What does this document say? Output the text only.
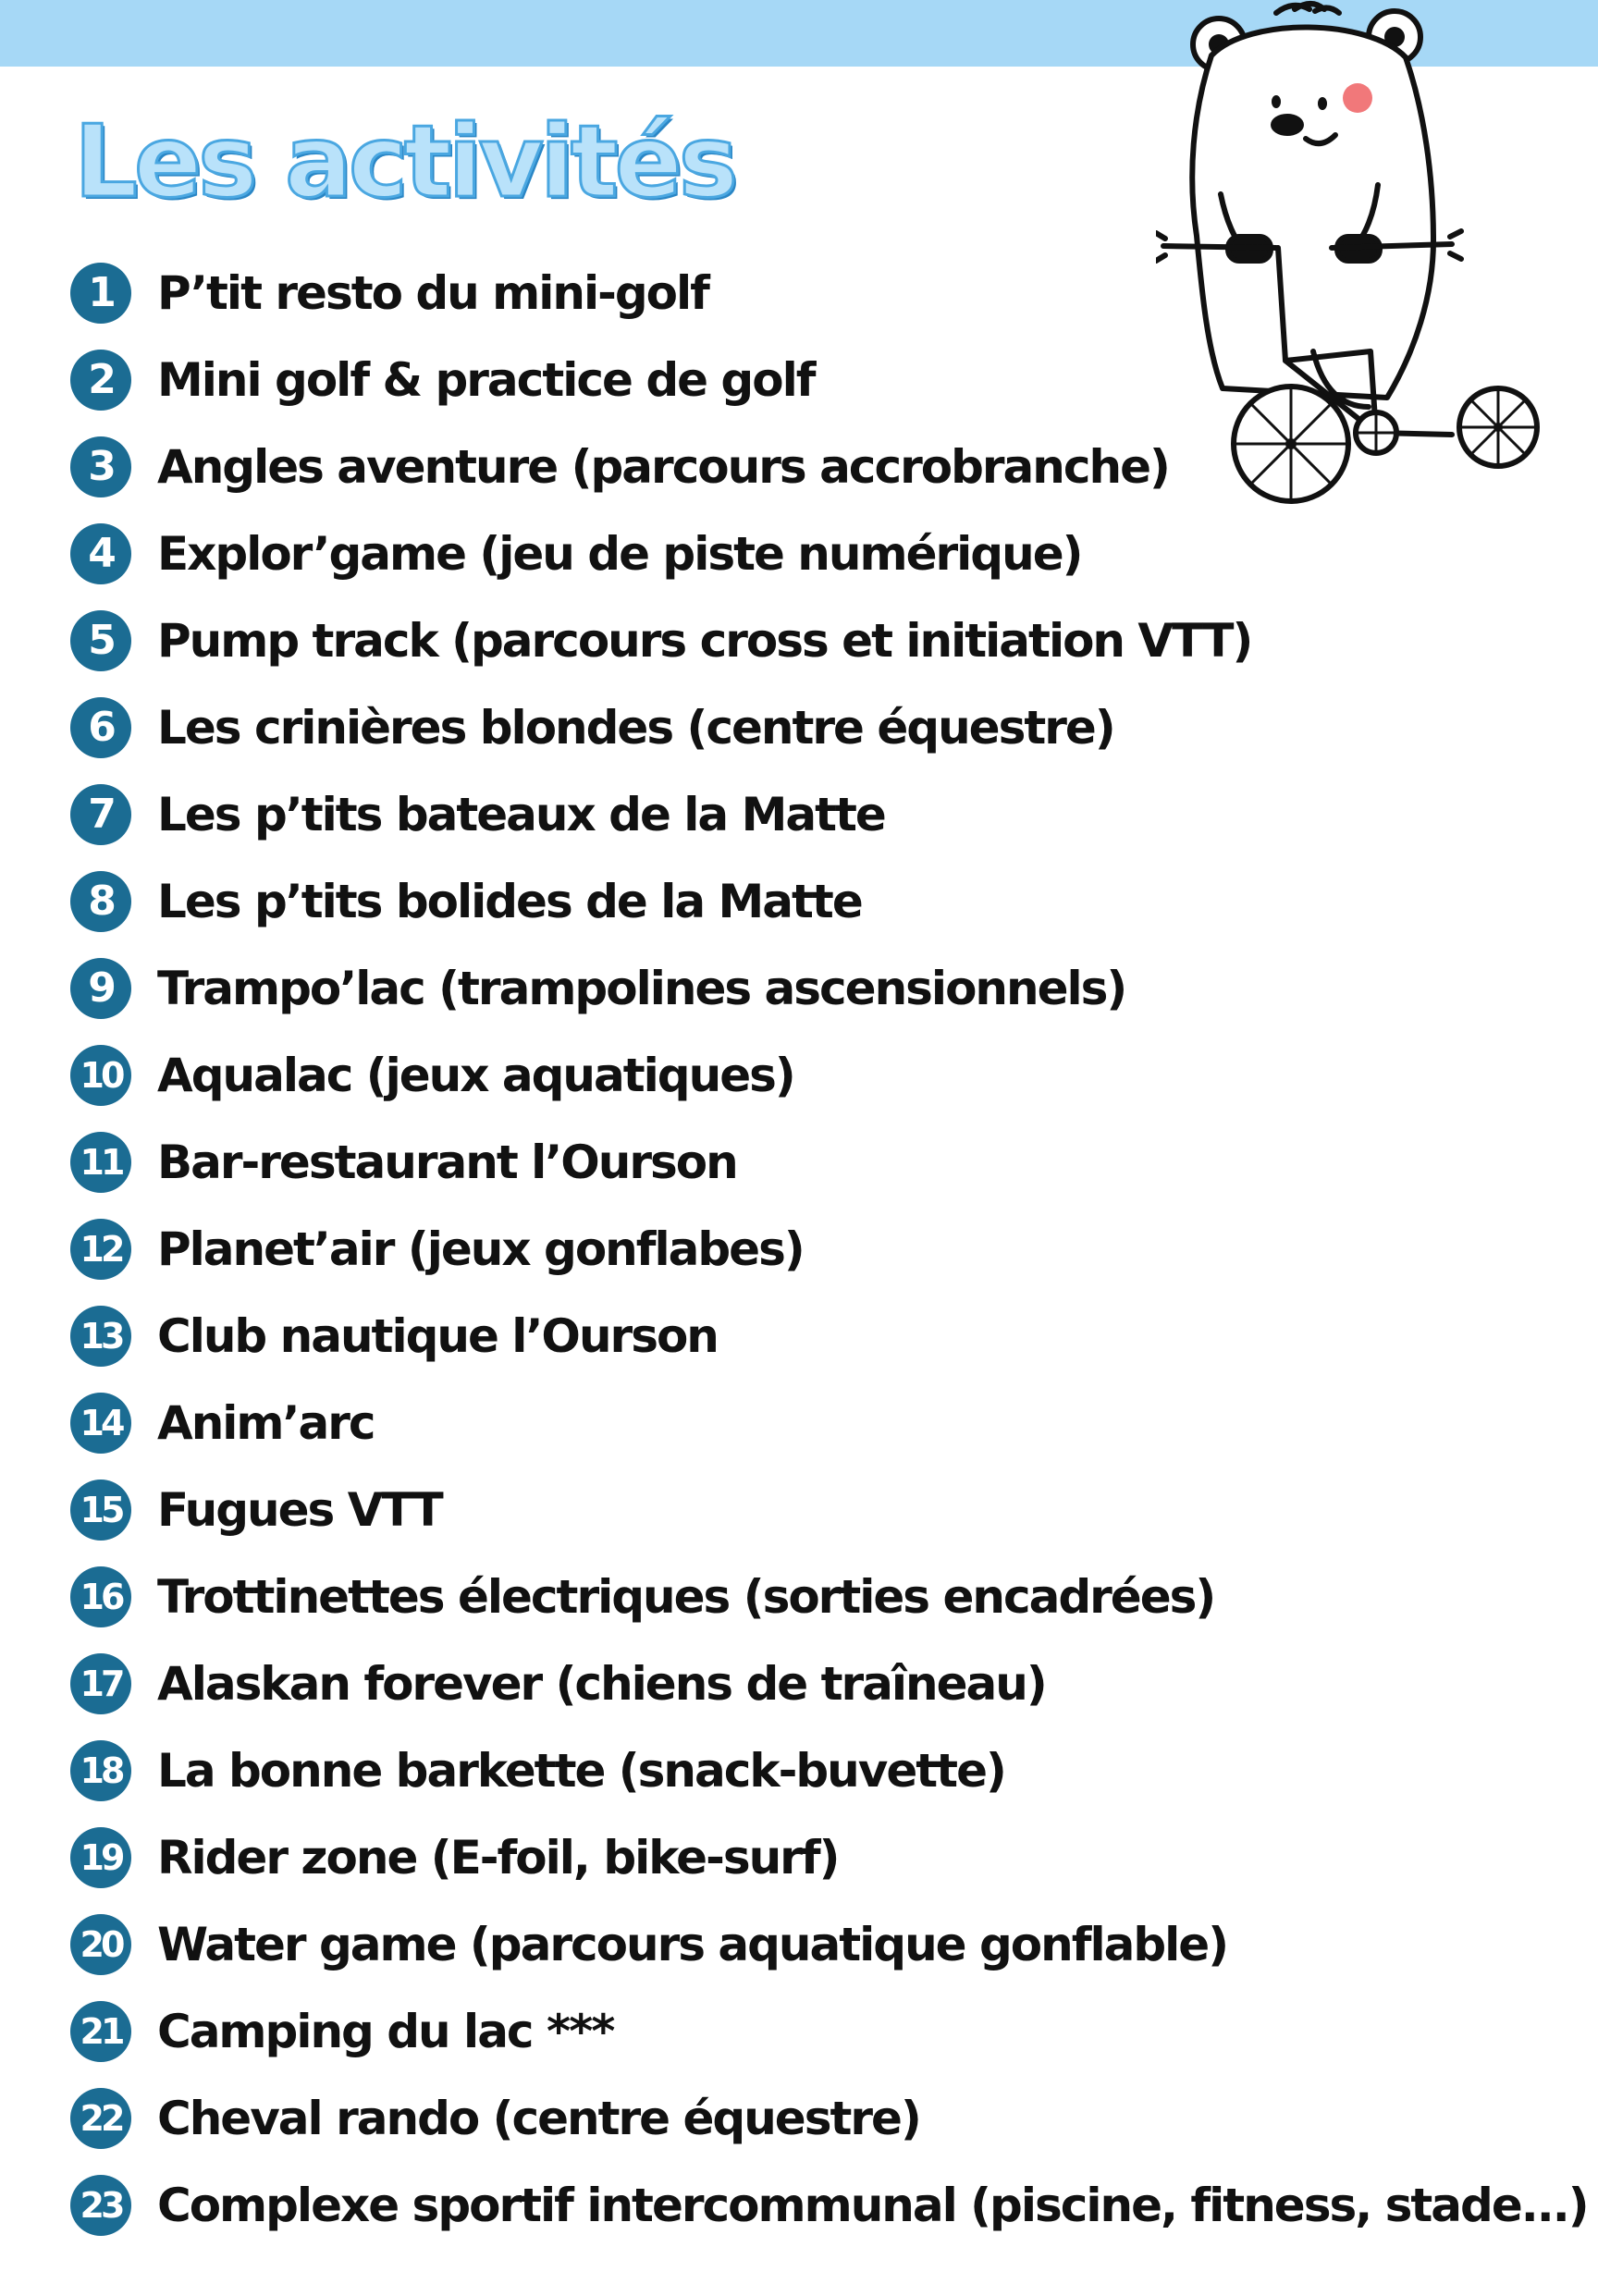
Les activités
1 P’tit resto du mini-golf
2 Mini golf & practice de golf
3 Angles aventure (parcours accrobranche)
4 Explor’game (jeu de piste numérique)
5 Pump track (parcours cross et initiation VTT)
6 Les crinières blondes (centre équestre)
7 Les p’tits bateaux de la Matte
8 Les p’tits bolides de la Matte
9 Trampo’lac (trampolines ascensionnels)
10 Aqualac (jeux aquatiques)
11 Bar-restaurant l’Ourson
12 Planet’air (jeux gonflabes)
13 Club nautique l’Ourson
14 Anim’arc
15 Fugues VTT
16 Trottinettes électriques (sorties encadrées)
17 Alaskan forever (chiens de traîneau)
18 La bonne barkette (snack-buvette)
19 Rider zone (E-foil, bike-surf)
20 Water game (parcours aquatique gonflable)
21 Camping du lac ***
22 Cheval rando (centre équestre)
23 Complexe sportif intercommunal (piscine, fitness, stade...)
